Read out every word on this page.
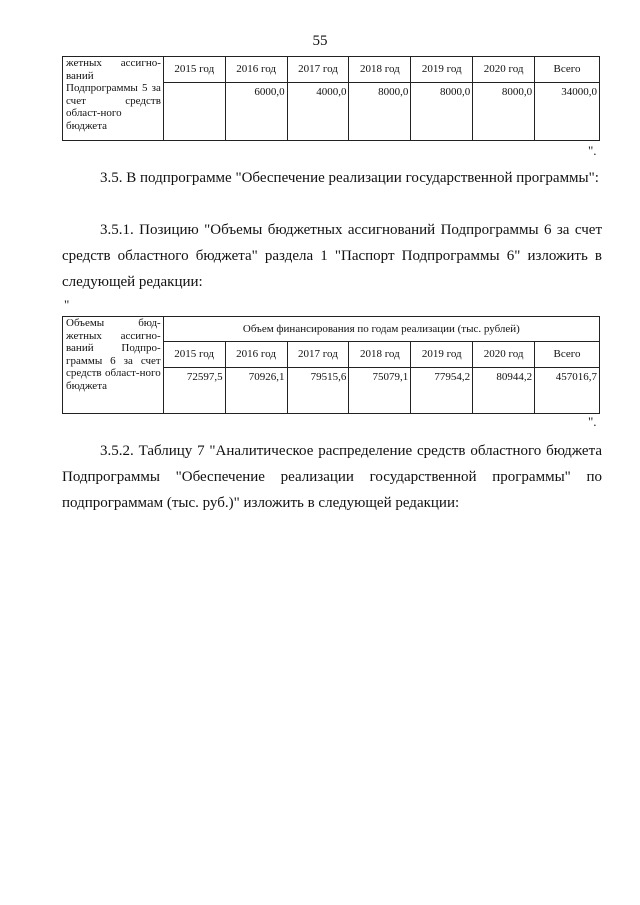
55
жетных ассигно-ваний Подпрограммы 5 за счет средств област-ного бюджета	2015 год	2016 год	2017 год	2018 год	2019 год	2020 год	Всего
		6000,0	4000,0	8000,0	8000,0	8000,0	34000,0
".
3.5. В подпрограмме "Обеспечение реализации государственной программы":
3.5.1. Позицию "Объемы бюджетных ассигнований Подпрограммы 6 за счет средств областного бюджета" раздела 1 "Паспорт Подпрограммы 6" изложить в следующей редакции:
"
Объемы бюд-жетных ассигно-ваний Подпро-граммы 6 за счет средств област-ного бюджета	Объем финансирования по годам реализации (тыс. рублей)						
	2015 год	2016 год	2017 год	2018 год	2019 год	2020 год	Всего
	72597,5	70926,1	79515,6	75079,1	77954,2	80944,2	457016,7
".
3.5.2. Таблицу 7 "Аналитическое распределение средств областного бюджета Подпрограммы "Обеспечение реализации государственной программы" по подпрограммам (тыс. руб.)" изложить в следующей редакции:
